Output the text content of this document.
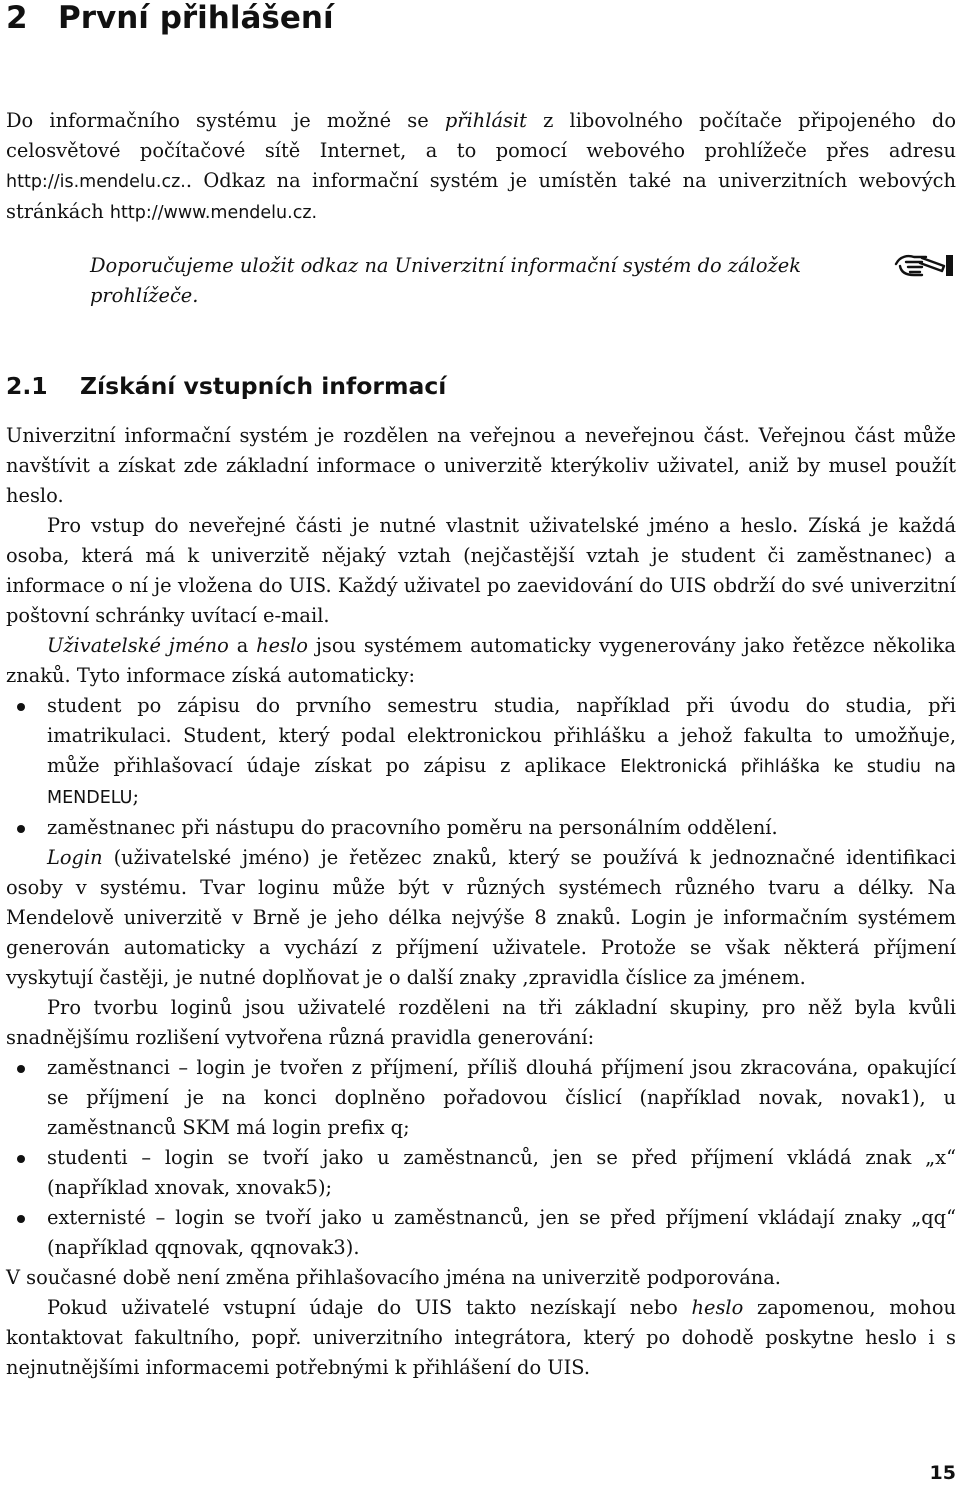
2 První přihlášení

Do informačního systému je možné se přihlásit z libovolného počítače připojeného do celosvětové počítačové sítě Internet, a to pomocí webového prohlížeče přes adresu http://is.mendelu.cz.. Odkaz na informační systém je umístěn také na univerzitních webových stránkách http://www.mendelu.cz.

Doporučujeme uložit odkaz na Univerzitní informační systém do záložek prohlížeče.

2.1 Získání vstupních informací

Univerzitní informační systém je rozdělen na veřejnou a neveřejnou část. Veřejnou část může navštívit a získat zde základní informace o univerzitě kterýkoliv uživatel, aniž by musel použít heslo.

Pro vstup do neveřejné části je nutné vlastnit uživatelské jméno a heslo. Získá je každá osoba, která má k univerzitě nějaký vztah (nejčastější vztah je student či zaměstnanec) a informace o ní je vložena do UIS. Každý uživatel po zaevidování do UIS obdrží do své univerzitní poštovní schránky uvítací e-mail.

Uživatelské jméno a heslo jsou systémem automaticky vygenerovány jako řetězce několika znaků. Tyto informace získá automaticky:

student po zápisu do prvního semestru studia, například při úvodu do studia, při imatrikulaci. Student, který podal elektronickou přihlášku a jehož fakulta to umožňuje, může přihlašovací údaje získat po zápisu z aplikace Elektronická přihláška ke studiu na MENDELU;
zaměstnanec při nástupu do pracovního poměru na personálním oddělení.

Login (uživatelské jméno) je řetězec znaků, který se používá k jednoznačné identifikaci osoby v systému. Tvar loginu může být v různých systémech různého tvaru a délky. Na Mendelově univerzitě v Brně je jeho délka nejvýše 8 znaků. Login je informačním systémem generován automaticky a vychází z příjmení uživatele. Protože se však některá příjmení vyskytují častěji, je nutné doplňovat je o další znaky ,zpravidla číslice za jménem.

Pro tvorbu loginů jsou uživatelé rozděleni na tři základní skupiny, pro něž byla kvůli snadnějšímu rozlišení vytvořena různá pravidla generování:

zaměstnanci – login je tvořen z příjmení, příliš dlouhá příjmení jsou zkracována, opakující se příjmení je na konci doplněno pořadovou číslicí (například novak, novak1), u zaměstnanců SKM má login prefix q;
studenti – login se tvoří jako u zaměstnanců, jen se před příjmení vkládá znak „x“ (například xnovak, xnovak5);
externisté – login se tvoří jako u zaměstnanců, jen se před příjmení vkládají znaky „qq“ (například qqnovak, qqnovak3).

V současné době není změna přihlašovacího jména na univerzitě podporována.

Pokud uživatelé vstupní údaje do UIS takto nezískají nebo heslo zapomenou, mohou kontaktovat fakultního, popř. univerzitního integrátora, který po dohodě poskytne heslo i s nejnutnějšími informacemi potřebnými k přihlášení do UIS.

15
